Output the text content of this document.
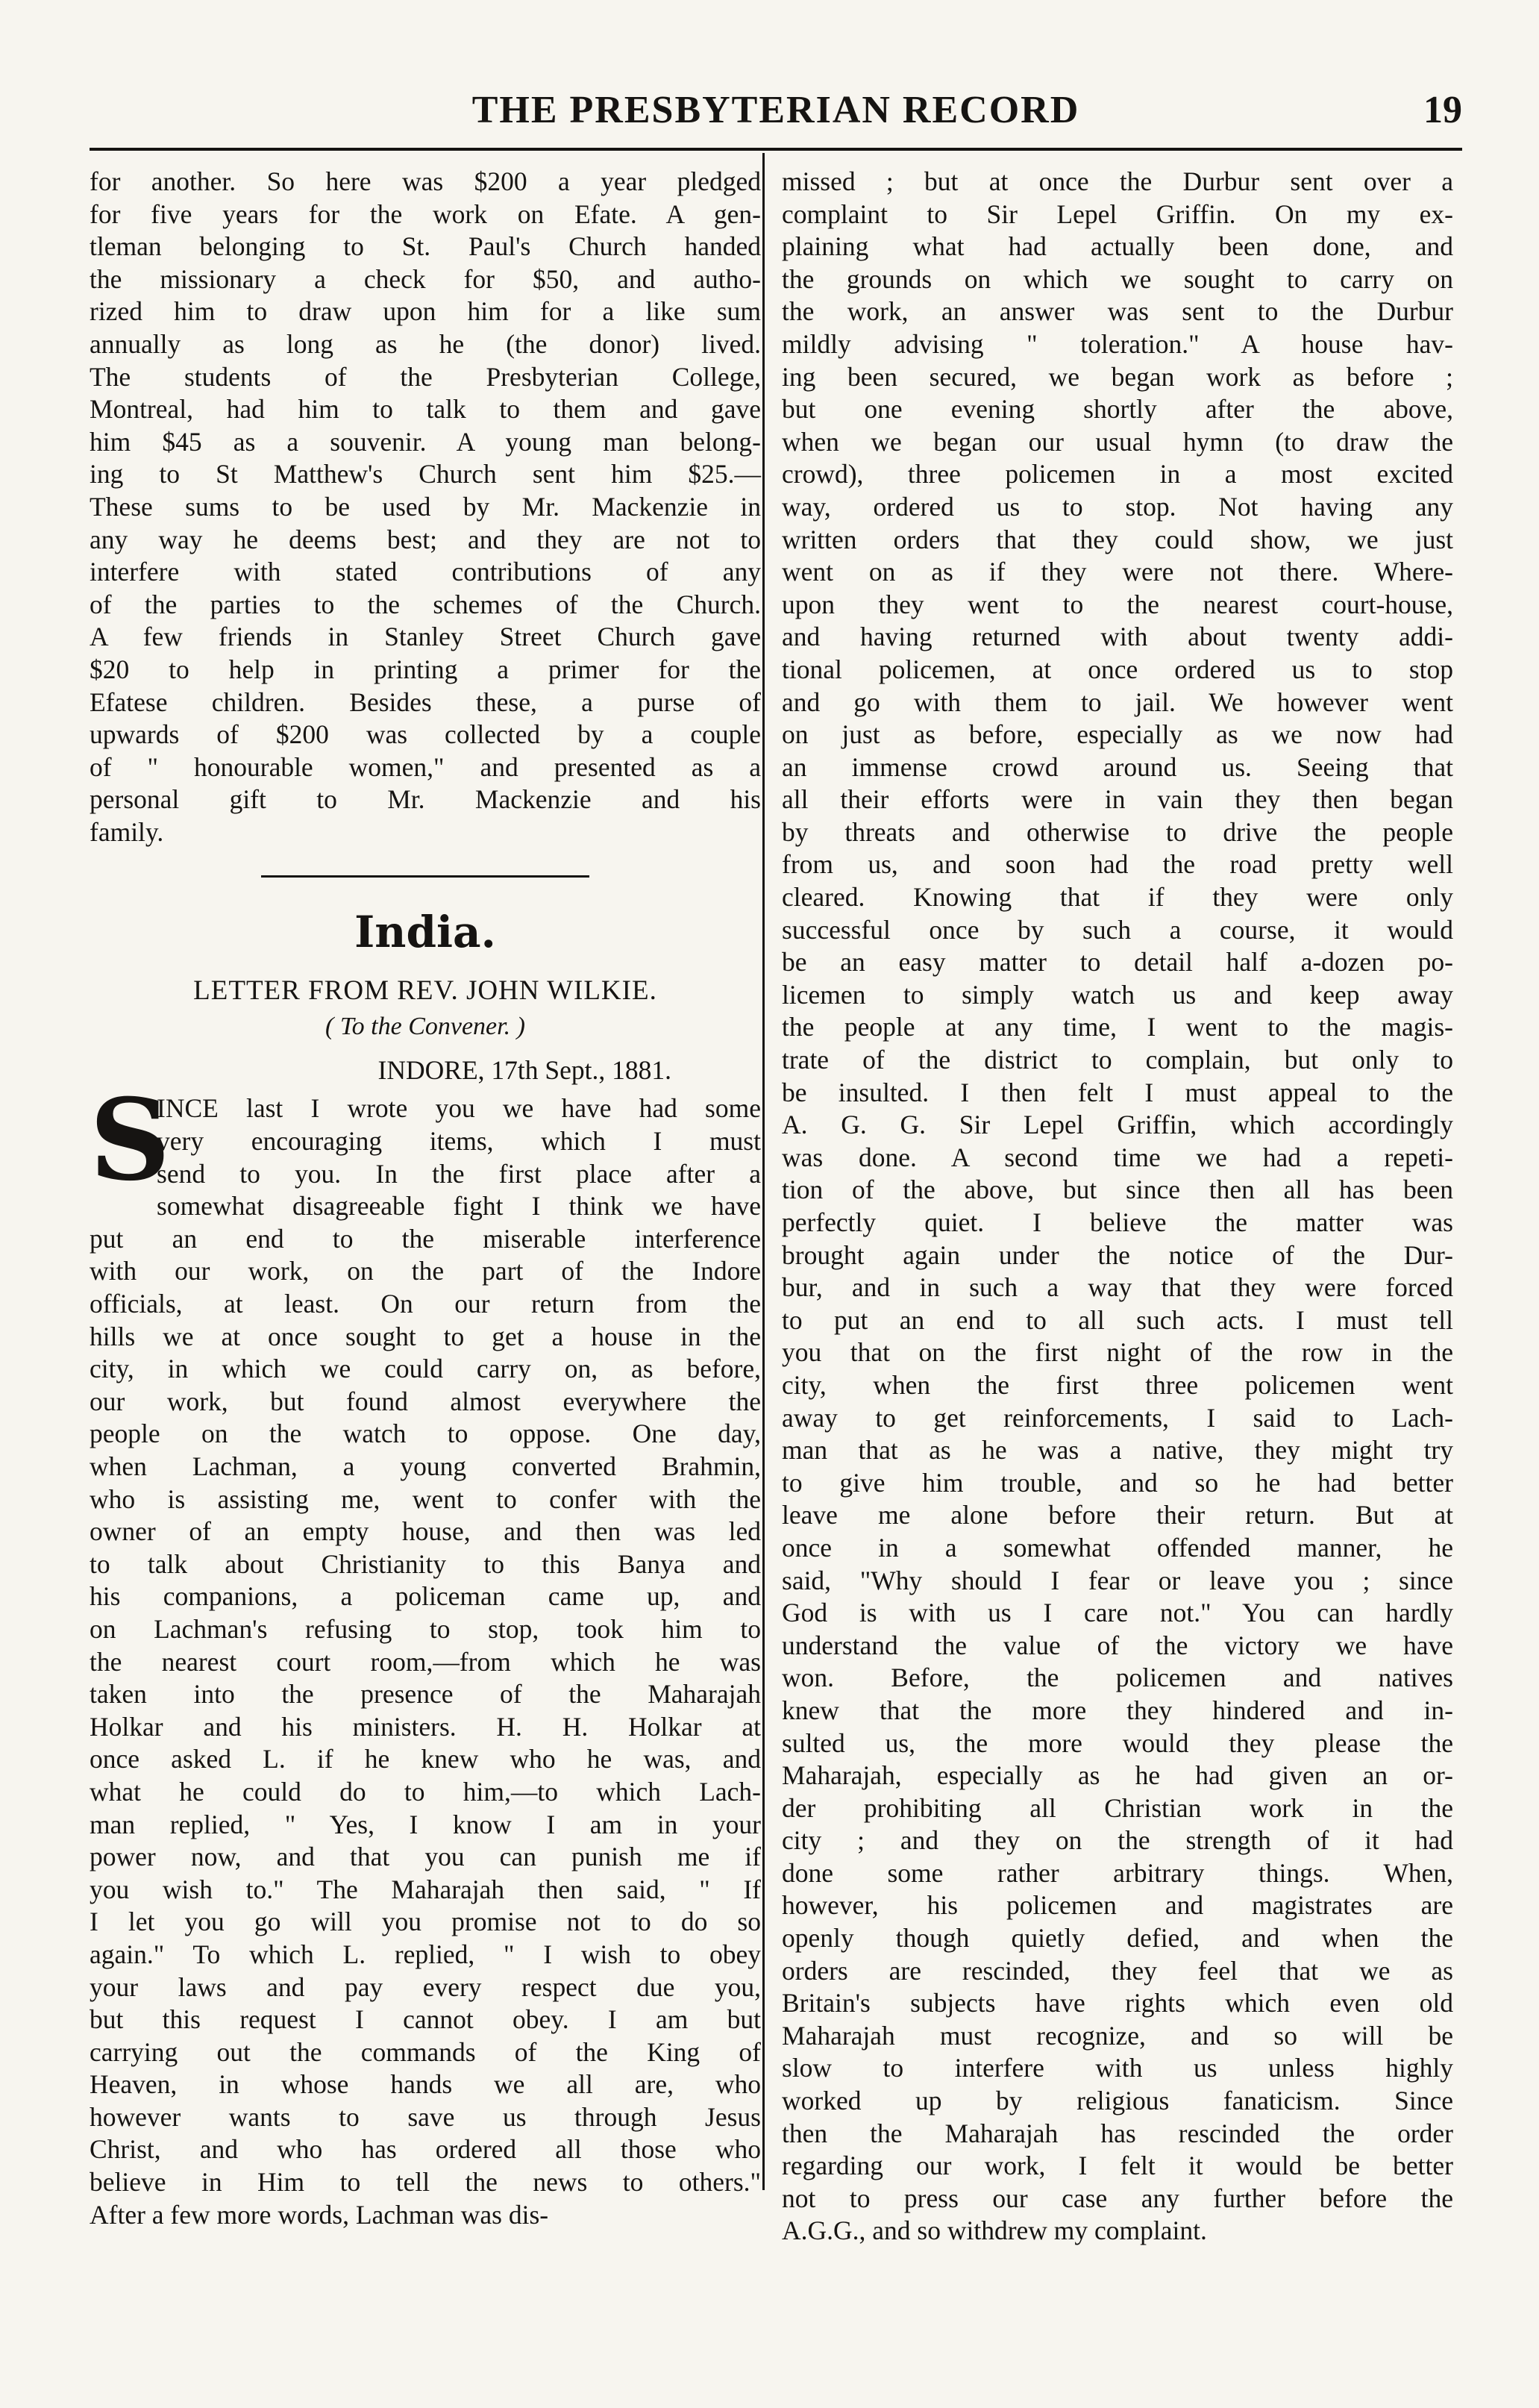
THE PRESBYTERIAN RECORD	19

for another. So here was $200 a year pledged

for five years for the work on Efate. A gen-

tleman belonging to St. Paul's Church handed

the missionary a check for $50, and autho-

rized him to draw upon him for a like sum

annually as long as he (the donor) lived.

The students of the Presbyterian College,

Montreal, had him to talk to them and gave

him $45 as a souvenir. A young man belong-

ing to St Matthew's Church sent him $25.—

These sums to be used by Mr. Mackenzie in

any way he deems best; and they are not to

interfere with stated contributions of any

of the parties to the schemes of the Church.

A few friends in Stanley Street Church gave

$20 to help in printing a primer for the

Efatese children. Besides these, a purse of

upwards of $200 was collected by a couple

of " honourable women," and presented as a

personal gift to Mr. Mackenzie and his

family.

India.
LETTER FROM REV. JOHN WILKIE.
( To the Convener. )
INDORE, 17th Sept., 1881.
S

INCE last I wrote you we have had some

very encouraging items, which I must

send to you. In the first place after a

somewhat disagreeable fight I think we have

put an end to the miserable interference

with our work, on the part of the Indore

officials, at least. On our return from the

hills we at once sought to get a house in the

city, in which we could carry on, as before,

our work, but found almost everywhere the

people on the watch to oppose. One day,

when Lachman, a young converted Brahmin,

who is assisting me, went to confer with the

owner of an empty house, and then was led

to talk about Christianity to this Banya and

his companions, a policeman came up, and

on Lachman's refusing to stop, took him to

the nearest court room,—from which he was

taken into the presence of the Maharajah

Holkar and his ministers. H. H. Holkar at

once asked L. if he knew who he was, and

what he could do to him,—to which Lach-

man replied, " Yes, I know I am in your

power now, and that you can punish me if

you wish to." The Maharajah then said, " If

I let you go will you promise not to do so

again." To which L. replied, " I wish to obey

your laws and pay every respect due you,

but this request I cannot obey. I am but

carrying out the commands of the King of

Heaven, in whose hands we all are, who

however wants to save us through Jesus

Christ, and who has ordered all those who

believe in Him to tell the news to others."

After a few more words, Lachman was dis-

missed ; but at once the Durbur sent over a

complaint to Sir Lepel Griffin. On my ex-

plaining what had actually been done, and

the grounds on which we sought to carry on

the work, an answer was sent to the Durbur

mildly advising " toleration." A house hav-

ing been secured, we began work as before ;

but one evening shortly after the above,

when we began our usual hymn (to draw the

crowd), three policemen in a most excited

way, ordered us to stop. Not having any

written orders that they could show, we just

went on as if they were not there. Where-

upon they went to the nearest court-house,

and having returned with about twenty addi-

tional policemen, at once ordered us to stop

and go with them to jail. We however went

on just as before, especially as we now had

an immense crowd around us. Seeing that

all their efforts were in vain they then began

by threats and otherwise to drive the people

from us, and soon had the road pretty well

cleared. Knowing that if they were only

successful once by such a course, it would

be an easy matter to detail half a-dozen po-

licemen to simply watch us and keep away

the people at any time, I went to the magis-

trate of the district to complain, but only to

be insulted. I then felt I must appeal to the

A. G. G. Sir Lepel Griffin, which accordingly

was done. A second time we had a repeti-

tion of the above, but since then all has been

perfectly quiet. I believe the matter was

brought again under the notice of the Dur-

bur, and in such a way that they were forced

to put an end to all such acts. I must tell

you that on the first night of the row in the

city, when the first three policemen went

away to get reinforcements, I said to Lach-

man that as he was a native, they might try

to give him trouble, and so he had better

leave me alone before their return. But at

once in a somewhat offended manner, he

said, "Why should I fear or leave you ; since

God is with us I care not." You can hardly

understand the value of the victory we have

won. Before, the policemen and natives

knew that the more they hindered and in-

sulted us, the more would they please the

Maharajah, especially as he had given an or-

der prohibiting all Christian work in the

city ; and they on the strength of it had

done some rather arbitrary things. When,

however, his policemen and magistrates are

openly though quietly defied, and when the

orders are rescinded, they feel that we as

Britain's subjects have rights which even old

Maharajah must recognize, and so will be

slow to interfere with us unless highly

worked up by religious fanaticism. Since

then the Maharajah has rescinded the order

regarding our work, I felt it would be better

not to press our case any further before the

A.G.G., and so withdrew my complaint.
